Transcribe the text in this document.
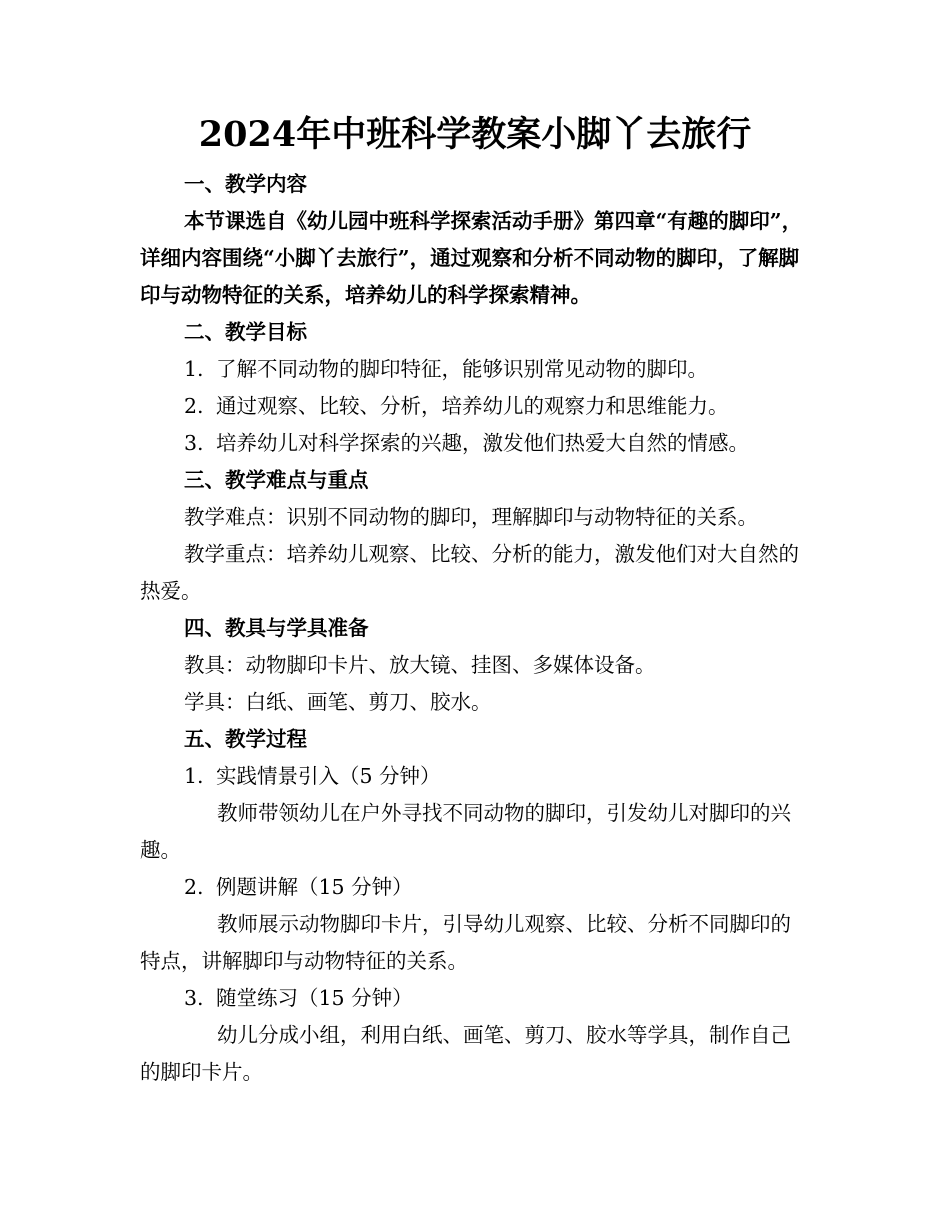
2024年中班科学教案小脚丫去旅行

一、教学内容

本节课选自《幼儿园中班科学探索活动手册》第四章“有趣的脚印”，详细内容围绕“小脚丫去旅行”，通过观察和分析不同动物的脚印，了解脚印与动物特征的关系，培养幼儿的科学探索精神。

二、教学目标

1. 了解不同动物的脚印特征，能够识别常见动物的脚印。

2. 通过观察、比较、分析，培养幼儿的观察力和思维能力。

3. 培养幼儿对科学探索的兴趣，激发他们热爱大自然的情感。

三、教学难点与重点

教学难点：识别不同动物的脚印，理解脚印与动物特征的关系。

教学重点：培养幼儿观察、比较、分析的能力，激发他们对大自然的热爱。

四、教具与学具准备

教具：动物脚印卡片、放大镜、挂图、多媒体设备。

学具：白纸、画笔、剪刀、胶水。

五、教学过程

1. 实践情景引入（5 分钟）

教师带领幼儿在户外寻找不同动物的脚印，引发幼儿对脚印的兴趣。

2. 例题讲解（15 分钟）

教师展示动物脚印卡片，引导幼儿观察、比较、分析不同脚印的特点，讲解脚印与动物特征的关系。

3. 随堂练习（15 分钟）

幼儿分成小组，利用白纸、画笔、剪刀、胶水等学具，制作自己的脚印卡片。
